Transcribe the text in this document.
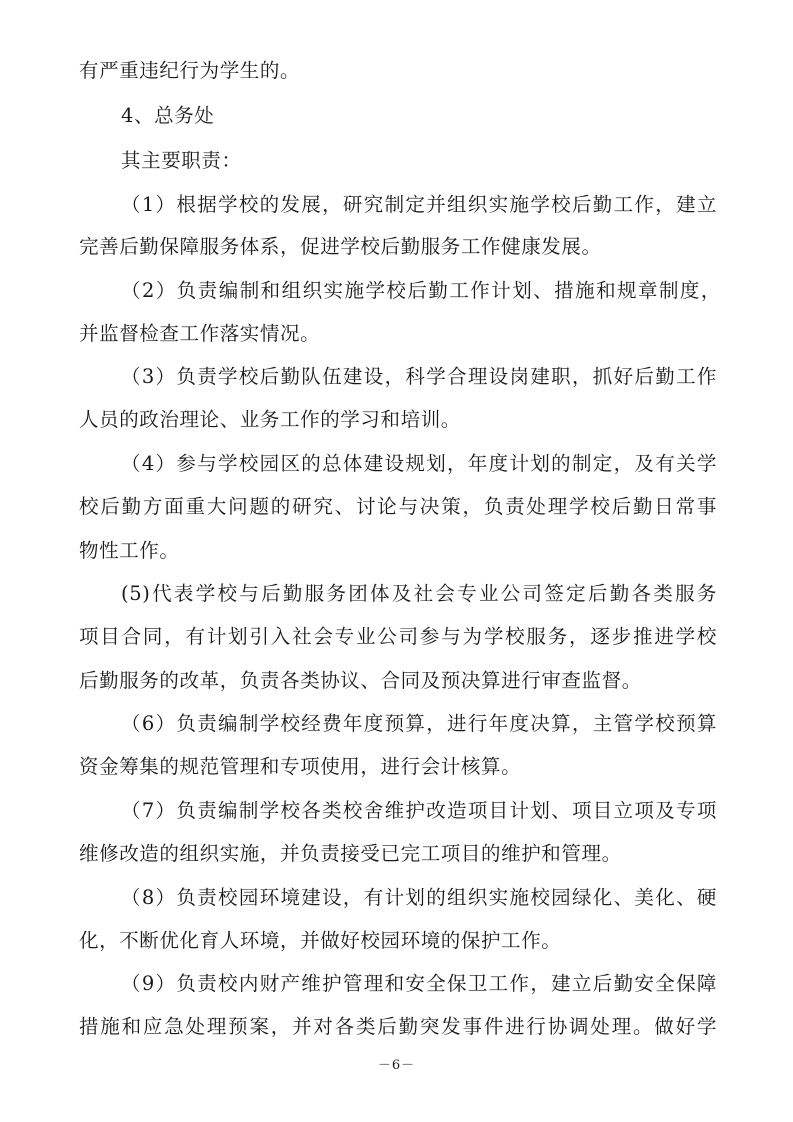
有严重违纪行为学生的。
4、总务处
其主要职责：
（1）根据学校的发展，研究制定并组织实施学校后勤工作，建立
完善后勤保障服务体系，促进学校后勤服务工作健康发展。
（2）负责编制和组织实施学校后勤工作计划、措施和规章制度，
并监督检查工作落实情况。
（3）负责学校后勤队伍建设，科学合理设岗建职，抓好后勤工作
人员的政治理论、业务工作的学习和培训。
（4）参与学校园区的总体建设规划，年度计划的制定，及有关学
校后勤方面重大问题的研究、讨论与决策，负责处理学校后勤日常事
物性工作。
(5)代表学校与后勤服务团体及社会专业公司签定后勤各类服务
项目合同，有计划引入社会专业公司参与为学校服务，逐步推进学校
后勤服务的改革，负责各类协议、合同及预决算进行审查监督。
（6）负责编制学校经费年度预算，进行年度决算，主管学校预算
资金筹集的规范管理和专项使用，进行会计核算。
（7）负责编制学校各类校舍维护改造项目计划、项目立项及专项
维修改造的组织实施，并负责接受已完工项目的维护和管理。
（8）负责校园环境建设，有计划的组织实施校园绿化、美化、硬
化，不断优化育人环境，并做好校园环境的保护工作。
（9）负责校内财产维护管理和安全保卫工作，建立后勤安全保障
措施和应急处理预案，并对各类后勤突发事件进行协调处理。做好学
－6－
